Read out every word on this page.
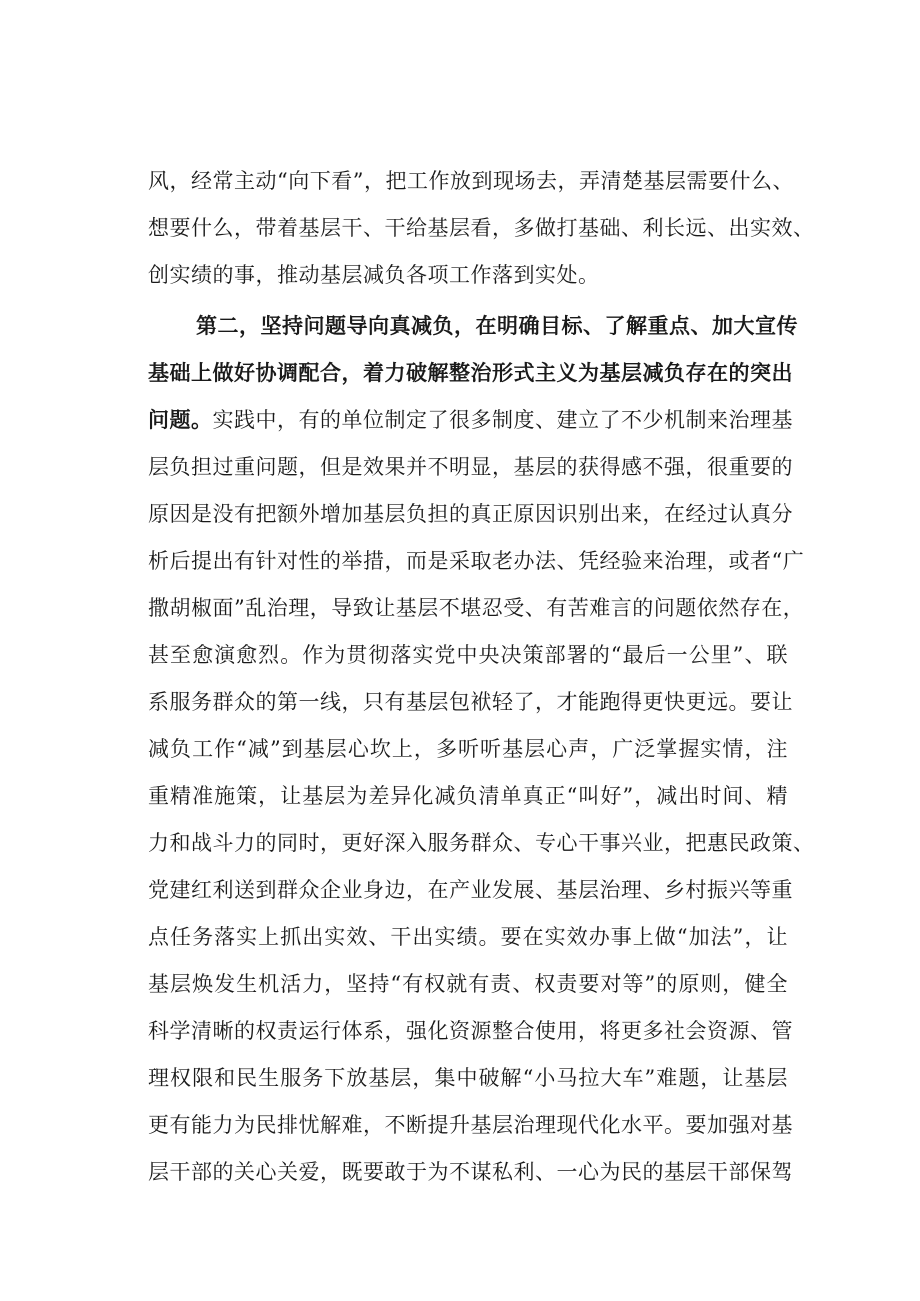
风，经常主动“向下看”，把工作放到现场去，弄清楚基层需要什么、
想要什么，带着基层干、干给基层看，多做打基础、利长远、出实效、
创实绩的事，推动基层减负各项工作落到实处。
第二，坚持问题导向真减负，在明确目标、了解重点、加大宣传
基础上做好协调配合，着力破解整治形式主义为基层减负存在的突出
问题。 实践中，有的单位制定了很多制度、建立了不少机制来治理基
层负担过重问题，但是效果并不明显，基层的获得感不强，很重要的
原因是没有把额外增加基层负担的真正原因识别出来，在经过认真分
析后提出有针对性的举措，而是采取老办法、凭经验来治理，或者“广
撒胡椒面”乱治理，导致让基层不堪忍受、有苦难言的问题依然存在，
甚至愈演愈烈。作为贯彻落实党中央决策部署的“最后一公里”、联
系服务群众的第一线，只有基层包袱轻了，才能跑得更快更远。要让
减负工作“减”到基层心坎上，多听听基层心声，广泛掌握实情，注
重精准施策，让基层为差异化减负清单真正“叫好”，减出时间、精
力和战斗力的同时，更好深入服务群众、专心干事兴业，把惠民政策、
党建红利送到群众企业身边，在产业发展、基层治理、乡村振兴等重
点任务落实上抓出实效、干出实绩。要在实效办事上做“加法”，让
基层焕发生机活力，坚持“有权就有责、权责要对等”的原则，健全
科学清晰的权责运行体系，强化资源整合使用，将更多社会资源、管
理权限和民生服务下放基层，集中破解“小马拉大车”难题，让基层
更有能力为民排忧解难，不断提升基层治理现代化水平。要加强对基
层干部的关心关爱，既要敢于为不谋私利、一心为民的基层干部保驾
